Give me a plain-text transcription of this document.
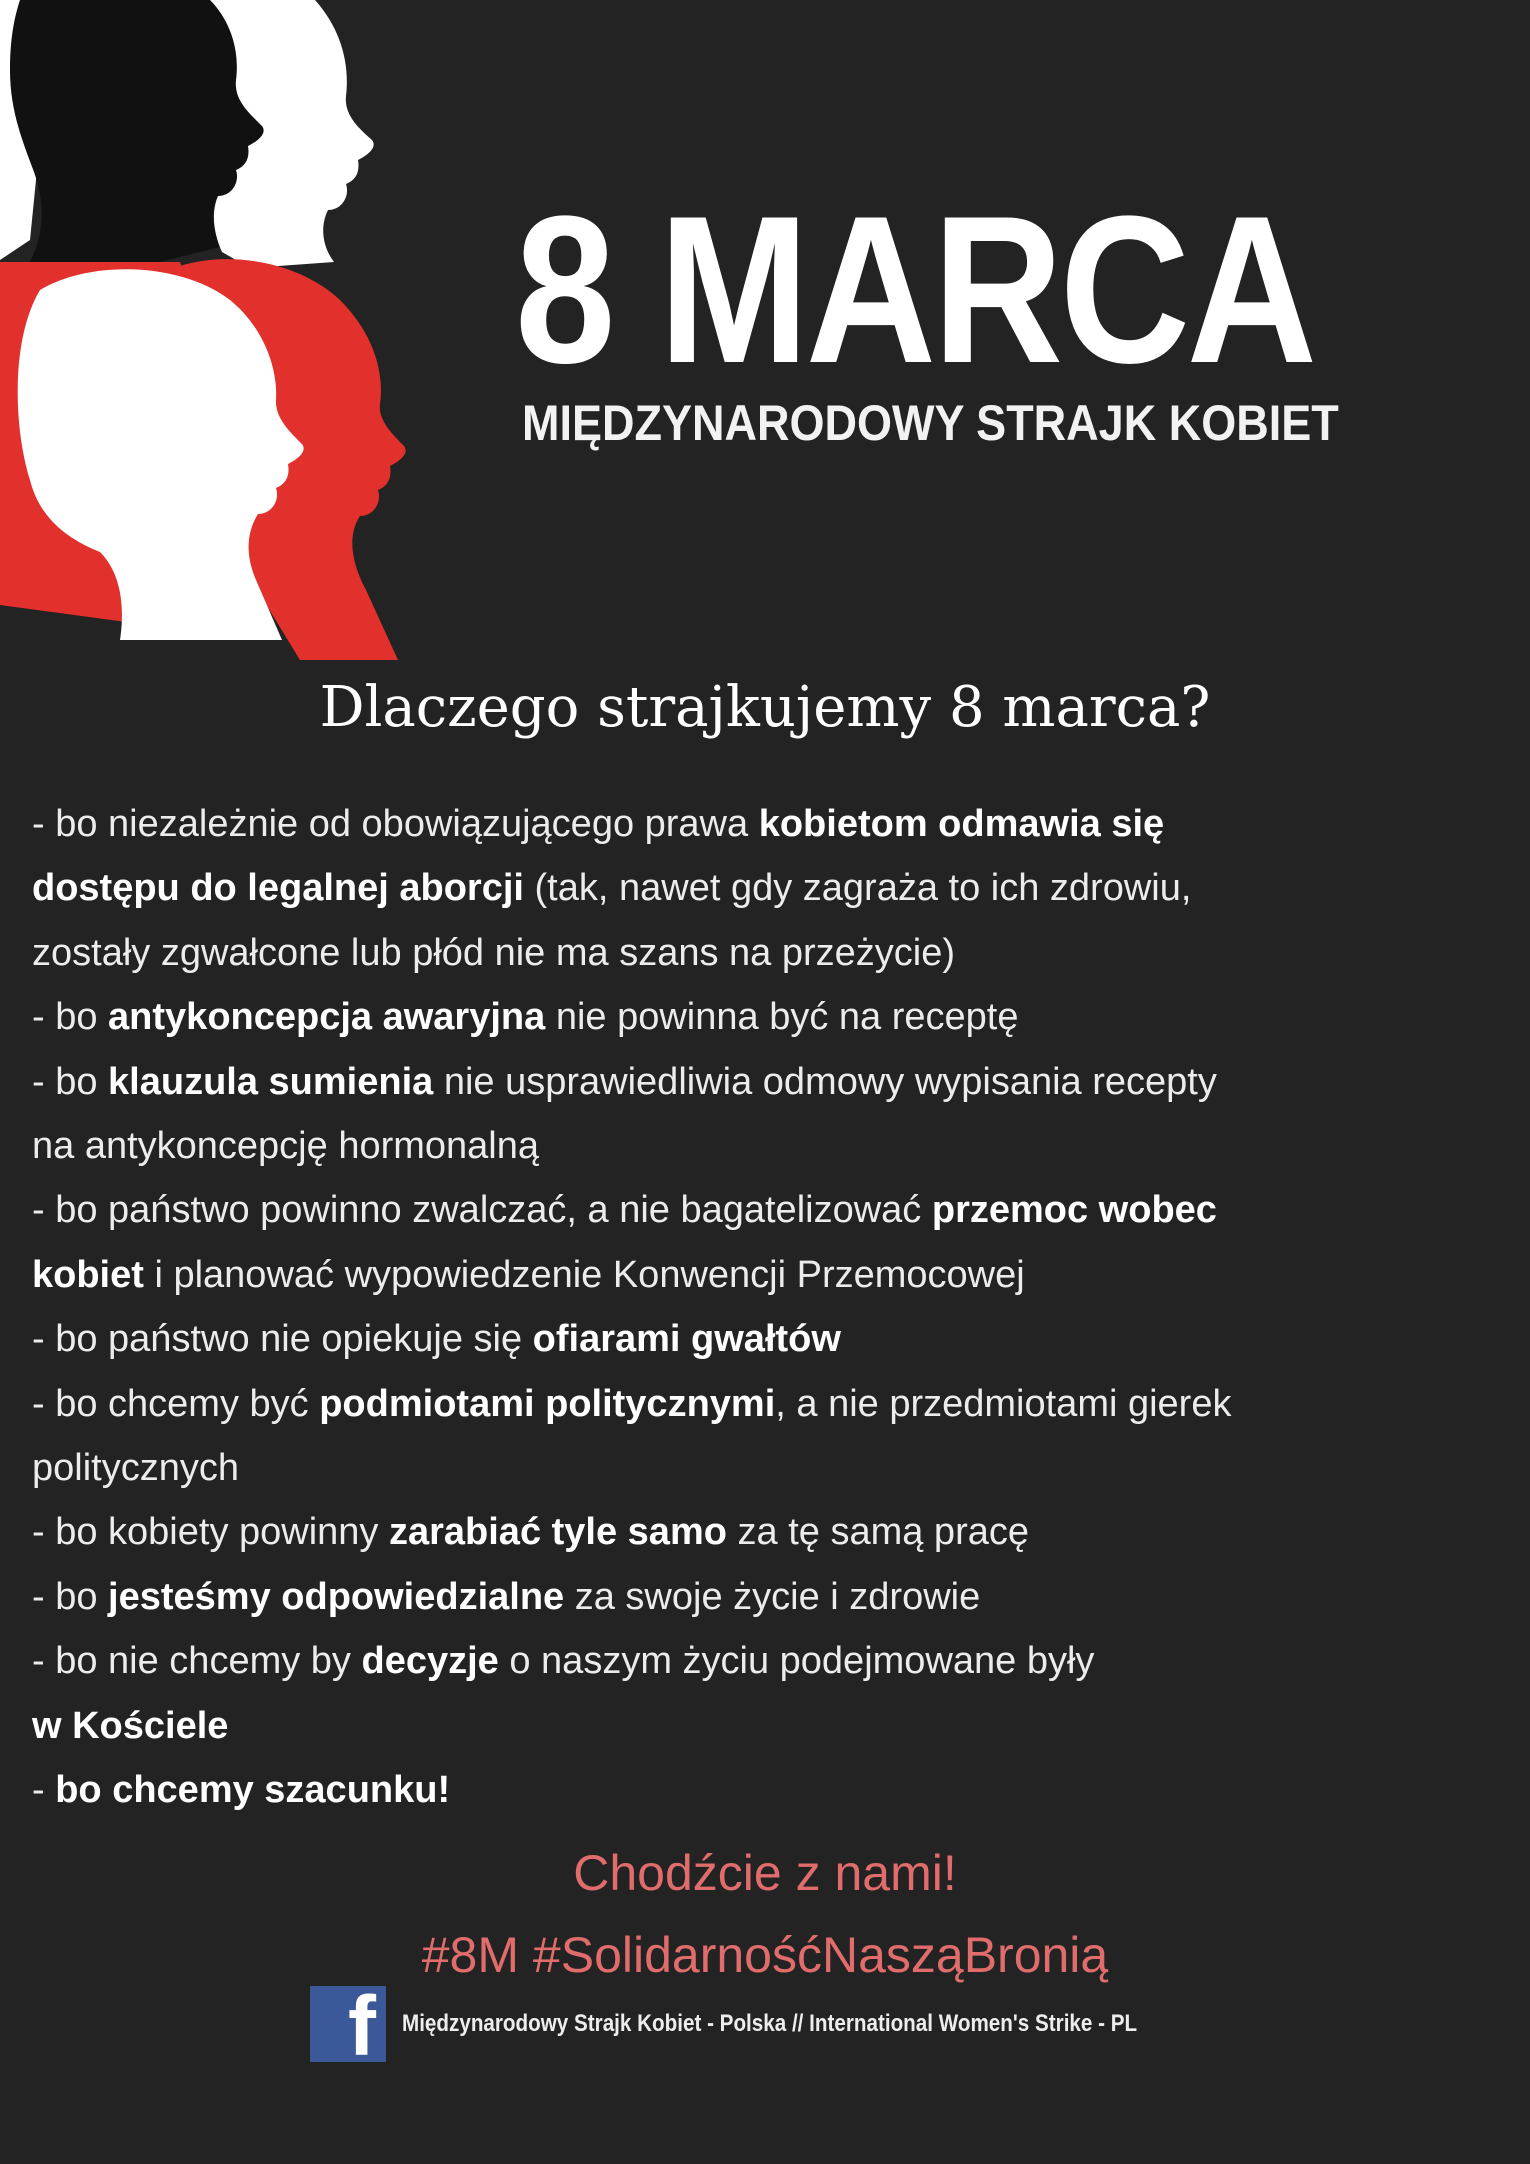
8 MARCA
MIĘDZYNARODOWY STRAJK KOBIET
Dlaczego strajkujemy 8 marca?
- bo niezależnie od obowiązującego prawa kobietom odmawia się
dostępu do legalnej aborcji (tak, nawet gdy zagraża to ich zdrowiu,
zostały zgwałcone lub płód nie ma szans na przeżycie)
- bo antykoncepcja awaryjna nie powinna być na receptę
- bo klauzula sumienia nie usprawiedliwia odmowy wypisania recepty
na antykoncepcję hormonalną
- bo państwo powinno zwalczać, a nie bagatelizować przemoc wobec
kobiet i planować wypowiedzenie Konwencji Przemocowej
- bo państwo nie opiekuje się ofiarami gwałtów
- bo chcemy być podmiotami politycznymi, a nie przedmiotami gierek
politycznych
- bo kobiety powinny zarabiać tyle samo za tę samą pracę
- bo jesteśmy odpowiedzialne za swoje życie i zdrowie
- bo nie chcemy by decyzje o naszym życiu podejmowane były
w Kościele
- bo chcemy szacunku!
Chodźcie z nami!
#8M #SolidarnośćNasząBronią
f Międzynarodowy Strajk Kobiet - Polska // International Women's Strike - PL
